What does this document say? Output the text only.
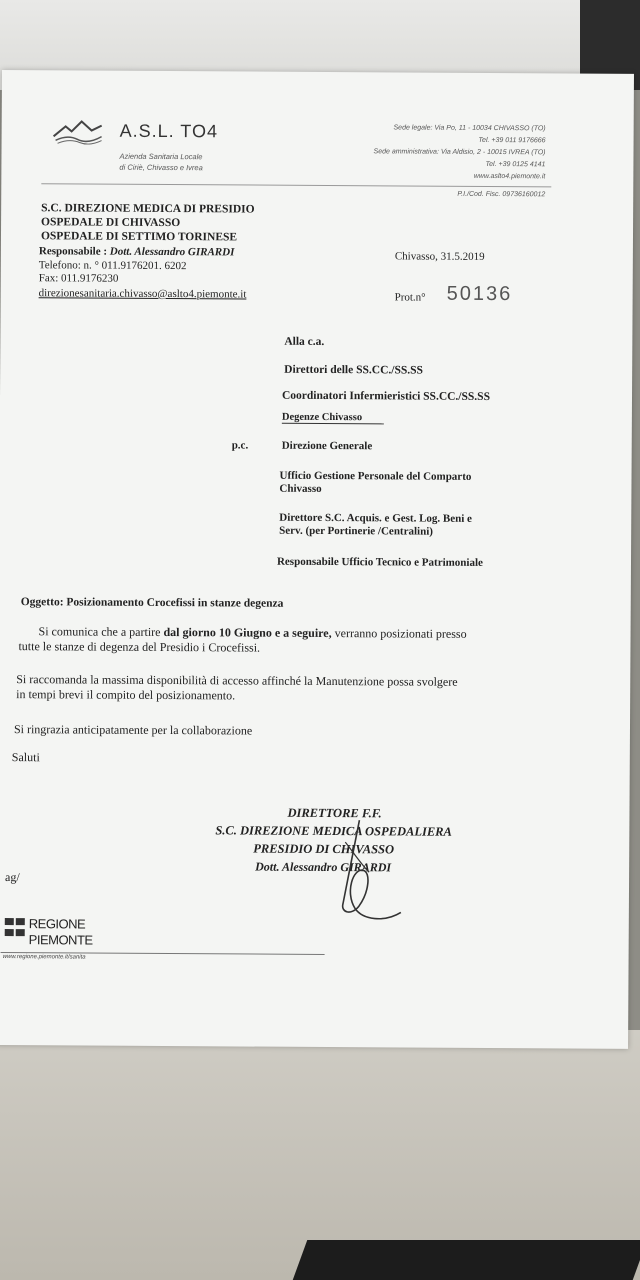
A.S.L. TO4
Azienda Sanitaria Locale
di Ciriè, Chivasso e Ivrea
Sede legale: Via Po, 11 - 10034 CHIVASSO (TO)
Tel. +39 011 9176666
Sede amministrativa: Via Aldisio, 2 - 10015 IVREA (TO)
Tel. +39 0125 4141
www.aslto4.piemonte.it
P.I./Cod. Fisc. 09736160012
S.C. DIREZIONE MEDICA DI PRESIDIO
OSPEDALE DI CHIVASSO
OSPEDALE DI SETTIMO TORINESE
Responsabile : Dott. Alessandro GIRARDI
Telefono: n. ° 011.9176201. 6202
Fax: 011.9176230
direzionesanitaria.chivasso@aslto4.piemonte.it
Chivasso, 31.5.2019
Prot.n° 50136
Alla c.a.
Direttori delle SS.CC./SS.SS
Coordinatori Infermieristici SS.CC./SS.SS
Degenze Chivasso
p.c.	Direzione Generale
Ufficio Gestione Personale del Comparto
Chivasso
Direttore S.C. Acquis. e Gest. Log. Beni e
Serv. (per Portinerie /Centralini)
Responsabile Ufficio Tecnico e Patrimoniale
Oggetto: Posizionamento Crocefissi in stanze degenza
Si comunica che a partire dal giorno 10 Giugno e a seguire, verranno posizionati presso
tutte le stanze di degenza del Presidio i Crocefissi.
Si raccomanda la massima disponibilità di accesso affinché la Manutenzione possa svolgere
in tempi brevi il compito del posizionamento.
Si ringrazia anticipatamente per la collaborazione
Saluti
DIRETTORE F.F.
S.C. DIREZIONE MEDICA OSPEDALIERA
PRESIDIO DI CHIVASSO
Dott. Alessandro GIRARDI
ag/
REGIONE
PIEMONTE
www.regione.piemonte.it/sanita
